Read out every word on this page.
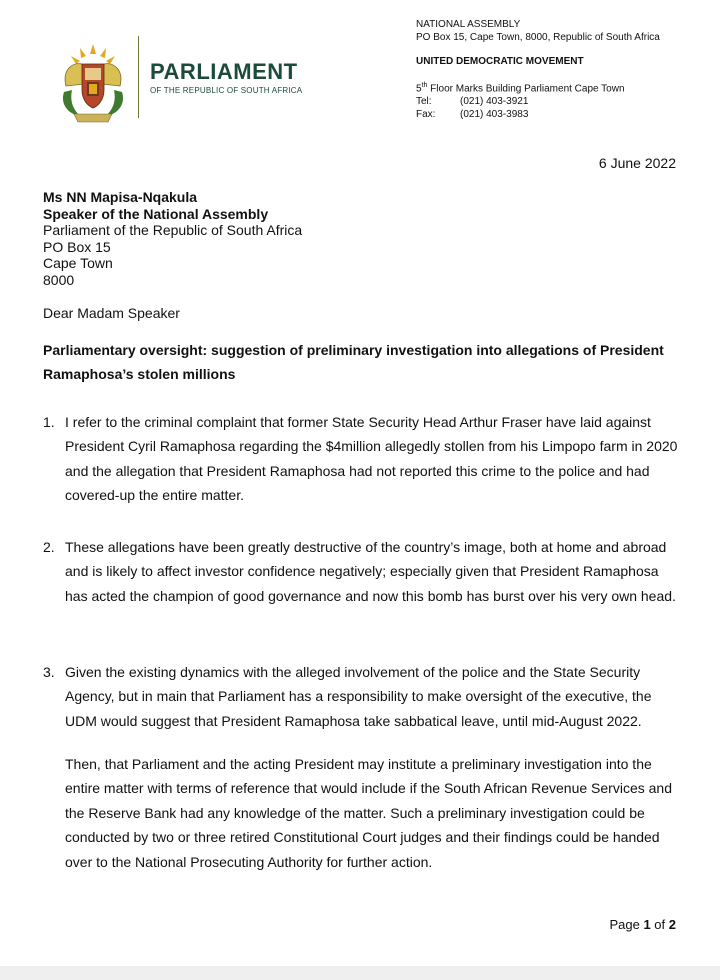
PARLIAMENT
OF THE REPUBLIC OF SOUTH AFRICA
NATIONAL ASSEMBLY
PO Box 15, Cape Town, 8000, Republic of South Africa
UNITED DEMOCRATIC MOVEMENT
5th Floor Marks Building Parliament Cape Town
Tel:	(021) 403-3921
Fax:	(021) 403-3983
6 June 2022
Ms NN Mapisa-Nqakula
Speaker of the National Assembly
Parliament of the Republic of South Africa
PO Box 15
Cape Town
8000
Dear Madam Speaker
Parliamentary oversight: suggestion of preliminary investigation into allegations of President Ramaphosa’s stolen millions
1. I refer to the criminal complaint that former State Security Head Arthur Fraser have laid against President Cyril Ramaphosa regarding the $4million allegedly stollen from his Limpopo farm in 2020 and the allegation that President Ramaphosa had not reported this crime to the police and had covered-up the entire matter.
2. These allegations have been greatly destructive of the country’s image, both at home and abroad and is likely to affect investor confidence negatively; especially given that President Ramaphosa has acted the champion of good governance and now this bomb has burst over his very own head.
3. Given the existing dynamics with the alleged involvement of the police and the State Security Agency, but in main that Parliament has a responsibility to make oversight of the executive, the UDM would suggest that President Ramaphosa take sabbatical leave, until mid-August 2022.
Then, that Parliament and the acting President may institute a preliminary investigation into the entire matter with terms of reference that would include if the South African Revenue Services and the Reserve Bank had any knowledge of the matter. Such a preliminary investigation could be conducted by two or three retired Constitutional Court judges and their findings could be handed over to the National Prosecuting Authority for further action.
Page 1 of 2
